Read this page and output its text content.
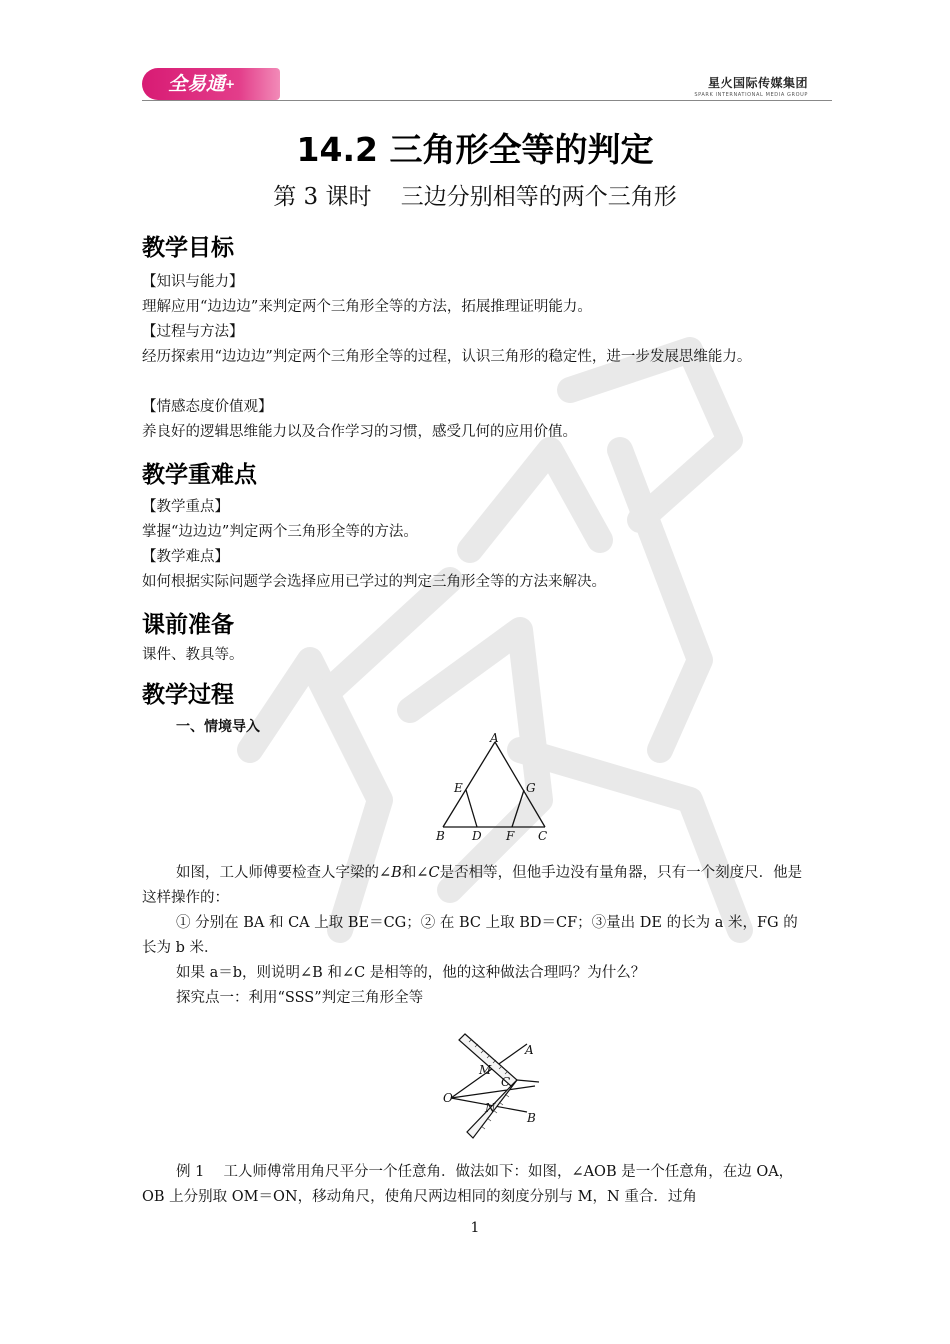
全易通+	星火国际传媒集团
SPARK INTERNATIONAL MEDIA GROUP
14.2 三角形全等的判定
第 3 课时    三边分别相等的两个三角形
教学目标
【知识与能力】
理解应用“边边边”来判定两个三角形全等的方法，拓展推理证明能力。
【过程与方法】
经历探索用“边边边”判定两个三角形全等的过程，认识三角形的稳定性，进一步发展思维能力。
【情感态度价值观】
养良好的逻辑思维能力以及合作学习的习惯，感受几何的应用价值。
教学重难点
【教学重点】
掌握“边边边”判定两个三角形全等的方法。
【教学难点】
如何根据实际问题学会选择应用已学过的判定三角形全等的方法来解决。
课前准备
课件、教具等。
教学过程
一、情境导入
A
E	G
B D F C
如图，工人师傅要检查人字梁的∠B和∠C是否相等，但他手边没有量角器，只有一个刻度尺．他是这样操作的：
① 分别在 BA 和 CA 上取 BE＝CG；② 在 BC 上取 BD＝CF；③量出 DE 的长为 a 米，FG 的长为 b 米．
如果 a＝b，则说明∠B 和∠C 是相等的，他的这种做法合理吗？为什么？
探究点一：利用“SSS”判定三角形全等
A
M
C
O
N
B
例 1　 工人师傅常用角尺平分一个任意角．做法如下：如图，∠AOB 是一个任意角，在边 OA，OB 上分别取 OM＝ON，移动角尺，使角尺两边相同的刻度分别与 M，N 重合．过角
1
